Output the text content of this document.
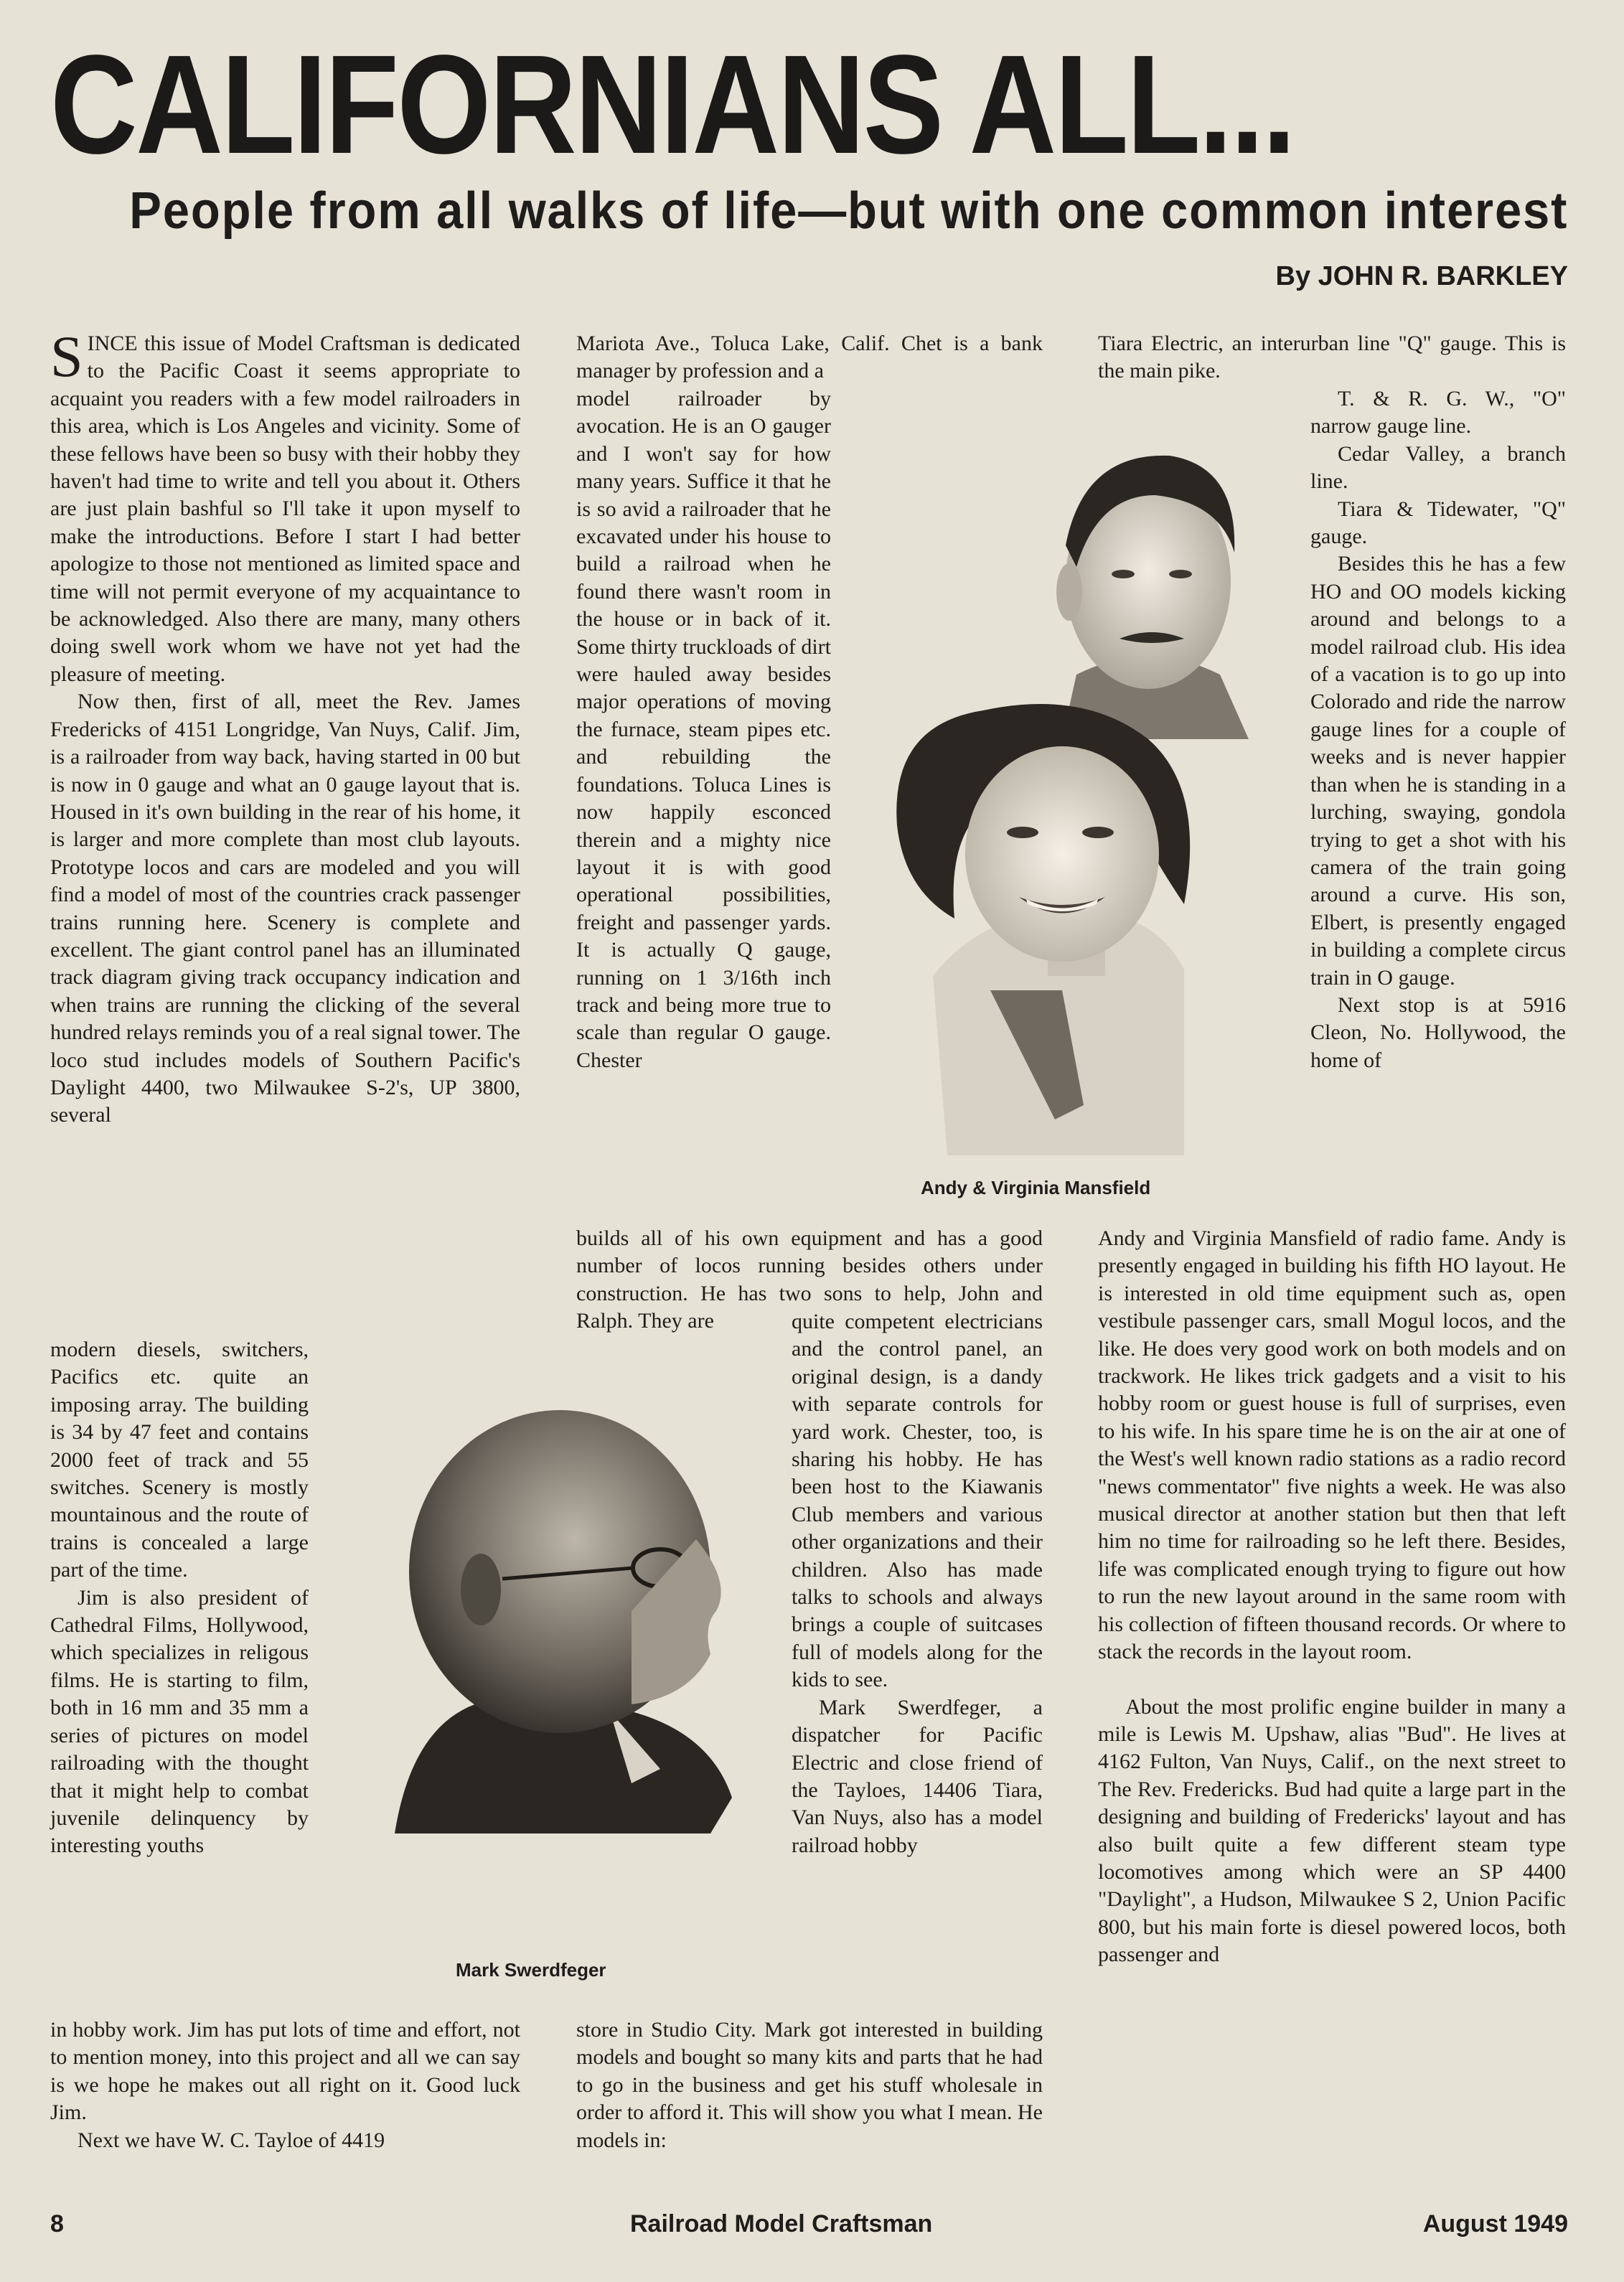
CALIFORNIANS ALL...
People from all walks of life—but with one common interest
By JOHN R. BARKLEY

SINCE this issue of Model Craftsman is dedicated to the Pacific Coast it seems appropriate to acquaint you readers with a few model railroaders in this area, which is Los Angeles and vicinity. Some of these fellows have been so busy with their hobby they haven't had time to write and tell you about it. Others are just plain bashful so I'll take it upon myself to make the introductions. Before I start I had better apologize to those not mentioned as limited space and time will not permit everyone of my acquaintance to be acknowledged. Also there are many, many others doing swell work whom we have not yet had the pleasure of meeting.

Now then, first of all, meet the Rev. James Fredericks of 4151 Longridge, Van Nuys, Calif. Jim, is a railroader from way back, having started in 00 but is now in 0 gauge and what an 0 gauge layout that is. Housed in it's own building in the rear of his home, it is larger and more complete than most club layouts. Prototype locos and cars are modeled and you will find a model of most of the countries crack passenger trains running here. Scenery is complete and excellent. The giant control panel has an illuminated track diagram giving track occupancy indication and when trains are running the clicking of the several hundred relays reminds you of a real signal tower. The loco stud includes models of Southern Pacific's Daylight 4400, two Milwaukee S-2's, UP 3800, several

modern diesels, switchers, Pacifics etc. quite an imposing array. The building is 34 by 47 feet and contains 2000 feet of track and 55 switches. Scenery is mostly mountainous and the route of trains is concealed a large part of the time.

Jim is also president of Cathedral Films, Hollywood, which specializes in religous films. He is starting to film, both in 16 mm and 35 mm a series of pictures on model railroading with the thought that it might help to combat juvenile delinquency by interesting youths

in hobby work. Jim has put lots of time and effort, not to mention money, into this project and all we can say is we hope he makes out all right on it. Good luck Jim.

Next we have W. C. Tayloe of 4419

Mariota Ave., Toluca Lake, Calif. Chet is a bank manager by profession and a

model railroader by avocation. He is an O gauger and I won't say for how many years. Suffice it that he is so avid a railroader that he excavated under his house to build a railroad when he found there wasn't room in the house or in back of it. Some thirty truckloads of dirt were hauled away besides major operations of moving the furnace, steam pipes etc. and rebuilding the foundations. Toluca Lines is now happily esconced therein and a mighty nice layout it is with good operational possibilities, freight and passenger yards. It is actually Q gauge, running on 1 3/16th inch track and being more true to scale than regular O gauge. Chester

builds all of his own equipment and has a good number of locos running besides others under construction. He has two sons to help, John and Ralph. They are	quite competent electricians and the control panel, an original design, is a dandy with separate controls for yard work. Chester, too, is sharing his hobby. He has been host to the Kiawanis Club members and various other organizations and their children. Also has made talks to schools and always brings a couple of suitcases full of models along for the kids to see.

Mark Swerdfeger, a dispatcher for Pacific Electric and close friend of the Tayloes, 14406 Tiara, Van Nuys, also has a model railroad hobby

store in Studio City. Mark got interested in building models and bought so many kits and parts that he had to go in the business and get his stuff wholesale in order to afford it. This will show you what I mean. He models in:

Tiara Electric, an interurban line "Q" gauge. This is the main pike.

T. & R. G. W., "O" narrow gauge line.

Cedar Valley, a branch line.

Tiara & Tidewater, "Q" gauge.

Besides this he has a few HO and OO models kicking around and belongs to a model railroad club. His idea of a vacation is to go up into Colorado and ride the narrow gauge lines for a couple of weeks and is never happier than when he is standing in a lurching, swaying, gondola trying to get a shot with his camera of the train going around a curve. His son, Elbert, is presently engaged in building a complete circus train in O gauge.

Next stop is at 5916 Cleon, No. Hollywood, the home of

Andy and Virginia Mansfield of radio fame. Andy is presently engaged in building his fifth HO layout. He is interested in old time equipment such as, open vestibule passenger cars, small Mogul locos, and the like. He does very good work on both models and on trackwork. He likes trick gadgets and a visit to his hobby room or guest house is full of surprises, even to his wife. In his spare time he is on the air at one of the West's well known radio stations as a radio record "news commentator" five nights a week. He was also musical director at another station but then that left him no time for railroading so he left there. Besides, life was complicated enough trying to figure out how to run the new layout around in the same room with his collection of fifteen thousand records. Or where to stack the records in the layout room.

About the most prolific engine builder in many a mile is Lewis M. Upshaw, alias "Bud". He lives at 4162 Fulton, Van Nuys, Calif., on the next street to The Rev. Fredericks. Bud had quite a large part in the designing and building of Fredericks' layout and has also built quite a few different steam type locomotives among which were an SP 4400 "Daylight", a Hudson, Milwaukee S 2, Union Pacific 800, but his main forte is diesel powered locos, both passenger and

Andy & Virginia Mansfield
Mark Swerdfeger
8	Railroad Model Craftsman	August 1949
